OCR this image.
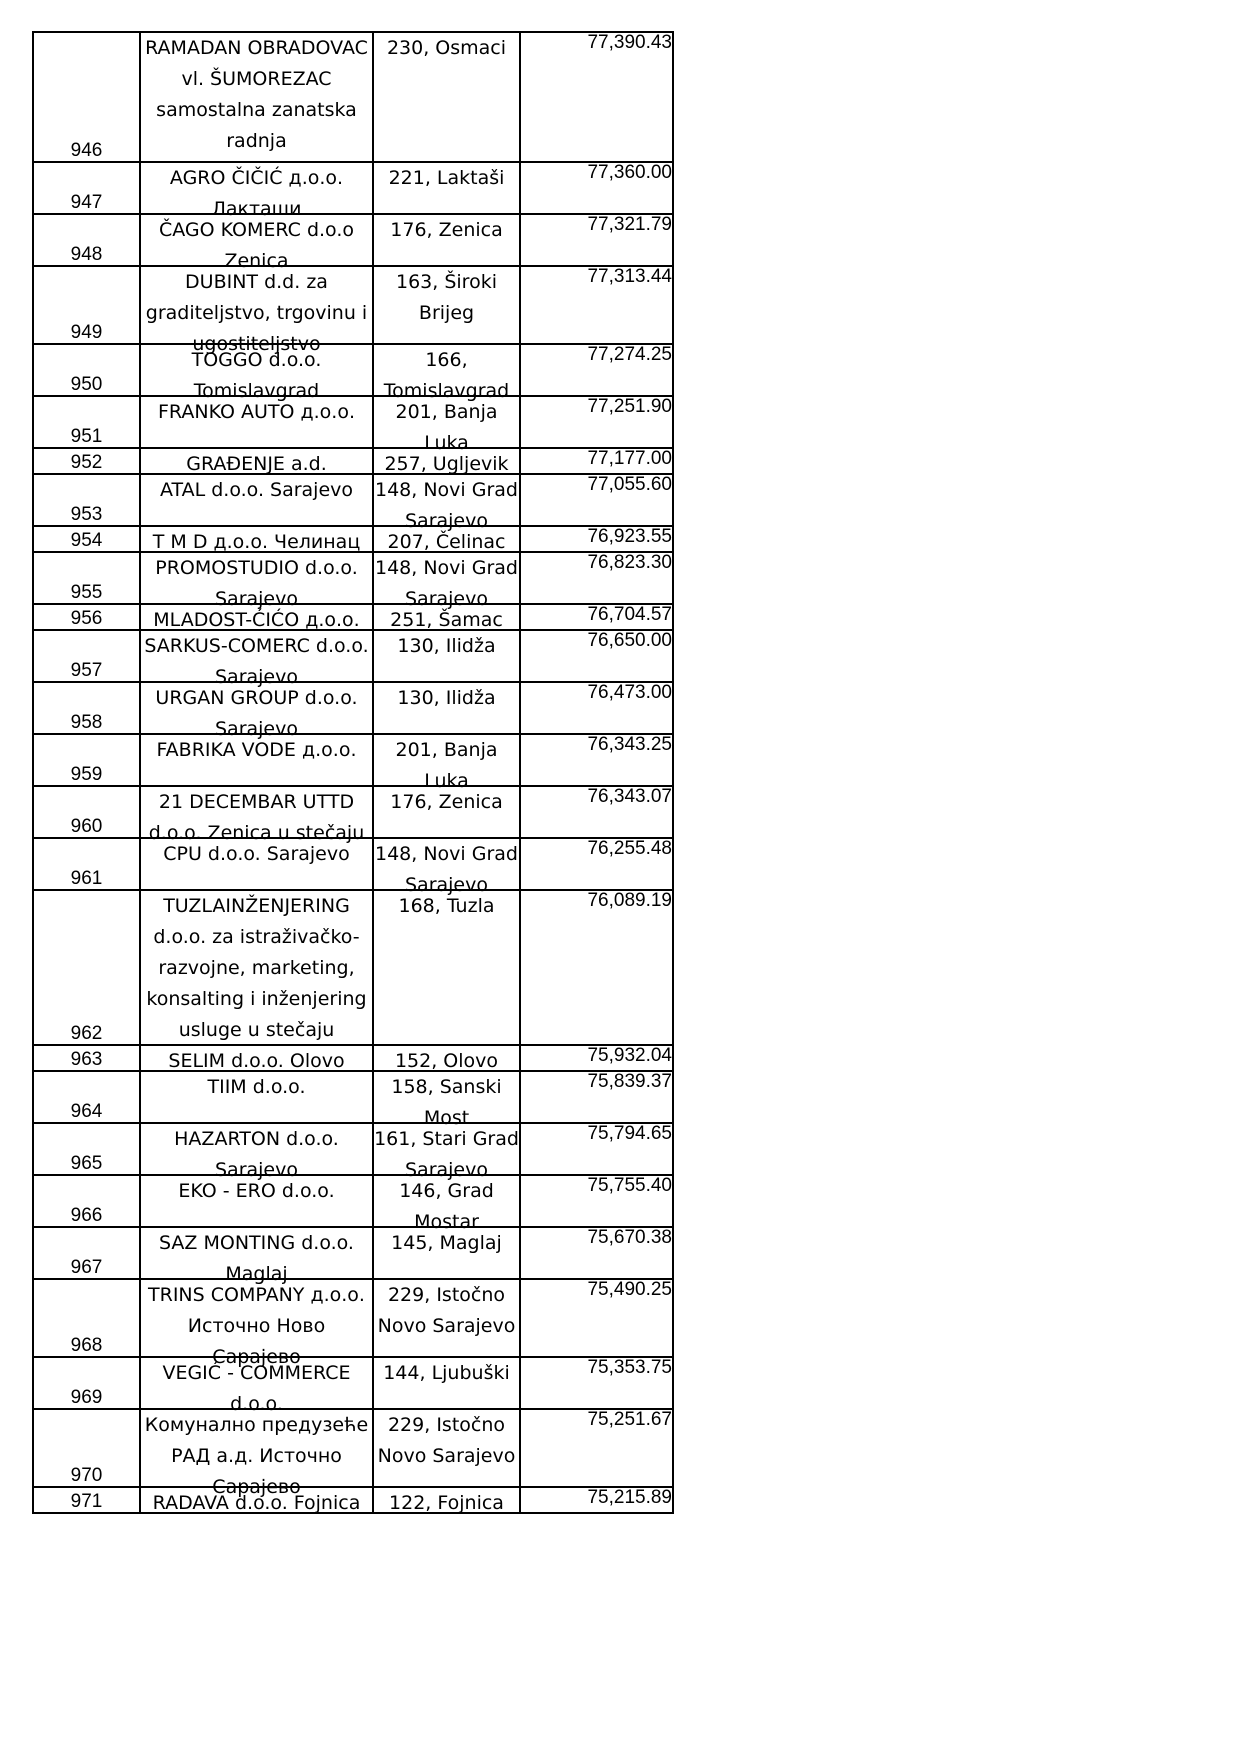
946	RAMADAN OBRADOVAC vl. ŠUMOREZAC samostalna zanatska radnja	230, Osmaci	77,390.43

947	AGRO ČIČIĆ д.о.о. Лакташи	221, Laktaši	77,360.00

948	ČAGO KOMERC d.o.o Zenica	176, Zenica	77,321.79

949	DUBINT d.d. za graditeljstvo, trgovinu i ugostiteljstvo	163, Široki Brijeg	77,313.44

950	TOGGO d.o.o. Tomislavgrad	166, Tomislavgrad	77,274.25

951	FRANKO AUTO д.о.о.	201, Banja Luka	77,251.90

952	GRAĐENJE a.d.	257, Ugljevik	77,177.00

953	ATAL d.o.o. Sarajevo	148, Novi Grad Sarajevo	77,055.60

954	T M D д.о.о. Челинац	207, Čelinac	76,923.55

955	PROMOSTUDIO d.o.o. Sarajevo	148, Novi Grad Sarajevo	76,823.30

956	MLADOST-ĆIĆO д.о.о.	251, Šamac	76,704.57

957	SARKUS-COMERC d.o.o. Sarajevo	130, Ilidža	76,650.00

958	URGAN GROUP d.o.o. Sarajevo	130, Ilidža	76,473.00

959	FABRIKA VODE д.о.о.	201, Banja Luka	76,343.25

960	21 DECEMBAR UTTD d.o.o. Zenica u stečaju	176, Zenica	76,343.07

961	CPU d.o.o. Sarajevo	148, Novi Grad Sarajevo	76,255.48

962	TUZLAINŽENJERING d.o.o. za istraživačko-razvojne, marketing, konsalting i inženjering usluge u stečaju	168, Tuzla	76,089.19

963	SELIM d.o.o. Olovo	152, Olovo	75,932.04

964	TIIM d.o.o.	158, Sanski Most	75,839.37

965	HAZARTON d.o.o. Sarajevo	161, Stari Grad Sarajevo	75,794.65

966	EKO - ERO d.o.o.	146, Grad Mostar	75,755.40

967	SAZ MONTING d.o.o. Maglaj	145, Maglaj	75,670.38

968	TRINS COMPANY д.о.о. Источно Ново Сарајево	229, Istočno Novo Sarajevo	75,490.25

969	VEGIĆ - COMMERCE d.o.o.	144, Ljubuški	75,353.75

970	Комунално предузеће РАД а.д. Источно Сарајево	229, Istočno Novo Sarajevo	75,251.67

971	RADAVA d.o.o. Fojnica	122, Fojnica	75,215.89
